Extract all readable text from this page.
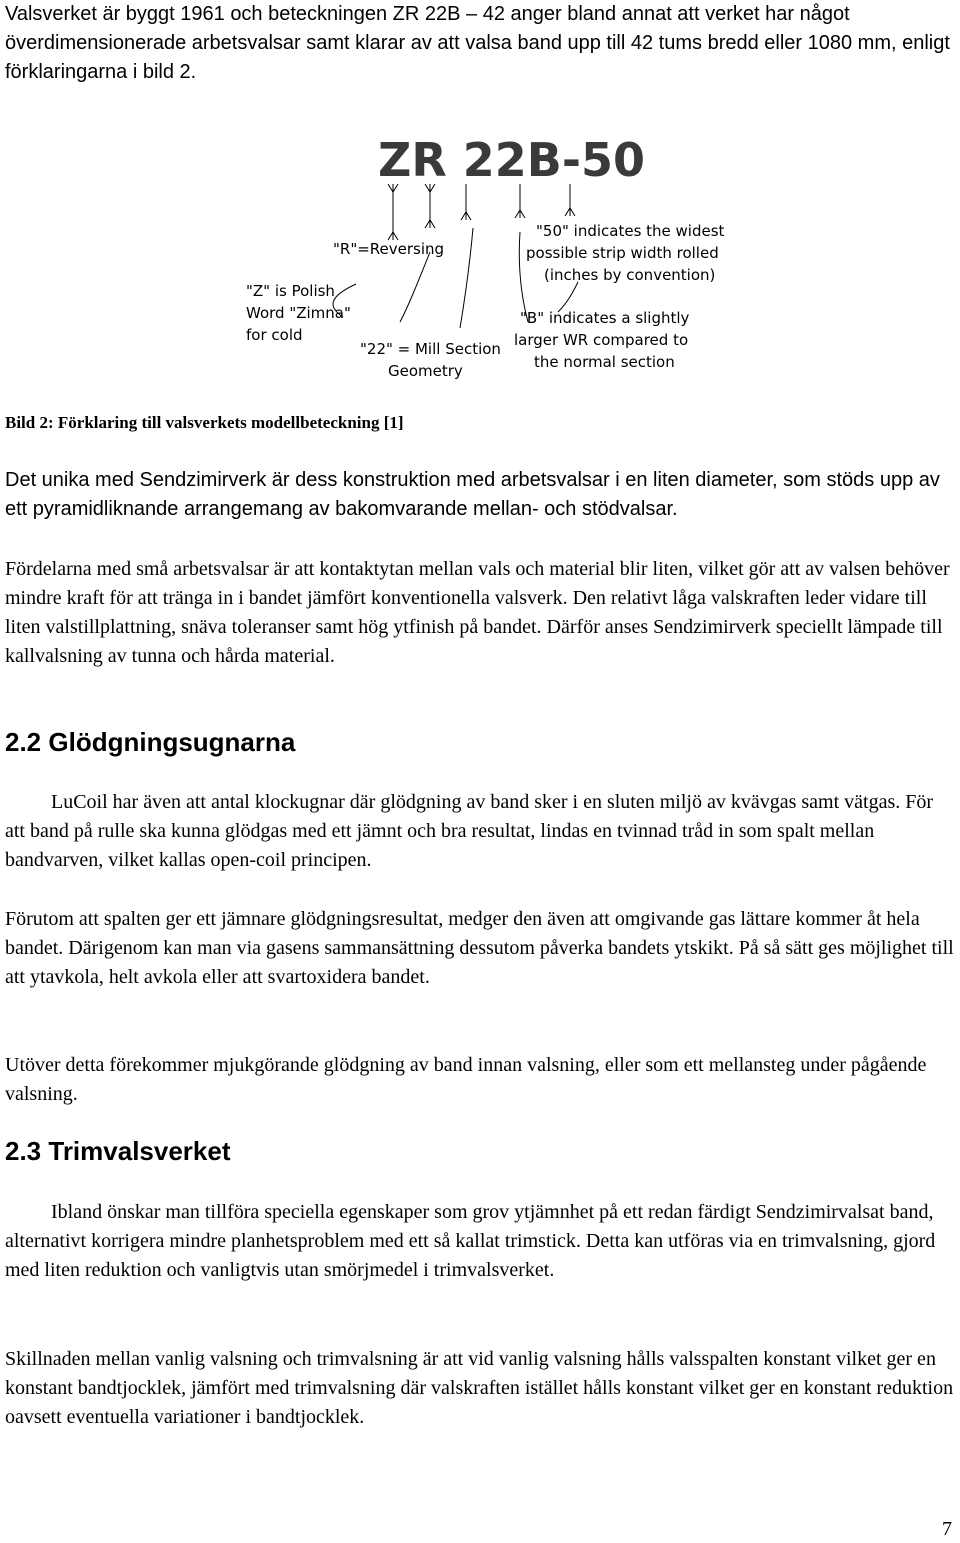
Valsverket är byggt 1961 och beteckningen ZR 22B – 42 anger bland annat att verket har något överdimensionerade arbetsvalsar samt klarar av att valsa band upp till 42 tums bredd eller 1080 mm, enligt förklaringarna i bild 2.

ZR 22B-50
"R"=Reversing
"Z" is Polish
Word "Zimna"
for cold
"22" = Mill Section
Geometry
"50" indicates the widest
possible strip width rolled
(inches by convention)
"B" indicates a slightly
larger WR compared to
the normal section

Bild 2: Förklaring till valsverkets modellbeteckning [1]

Det unika med Sendzimirverk är dess konstruktion med arbetsvalsar i en liten diameter, som stöds upp av ett pyramidliknande arrangemang av bakomvarande mellan- och stödvalsar.

Fördelarna med små arbetsvalsar är att kontaktytan mellan vals och material blir liten, vilket gör att av valsen behöver mindre kraft för att tränga in i bandet jämfört konventionella valsverk. Den relativt låga valskraften leder vidare till liten valstillplattning, snäva toleranser samt hög ytfinish på bandet. Därför anses Sendzimirverk speciellt lämpade till kallvalsning av tunna och hårda material.

2.2 Glödgningsugnarna

LuCoil har även att antal klockugnar där glödgning av band sker i en sluten miljö av kvävgas samt vätgas. För att band på rulle ska kunna glödgas med ett jämnt och bra resultat, lindas en tvinnad tråd in som spalt mellan bandvarven, vilket kallas open-coil principen.

Förutom att spalten ger ett jämnare glödgningsresultat, medger den även att omgivande gas lättare kommer åt hela bandet. Därigenom kan man via gasens sammansättning dessutom påverka bandets ytskikt. På så sätt ges möjlighet till att ytavkola, helt avkola eller att svartoxidera bandet.

Utöver detta förekommer mjukgörande glödgning av band innan valsning, eller som ett mellansteg under pågående valsning.

2.3 Trimvalsverket

Ibland önskar man tillföra speciella egenskaper som grov ytjämnhet på ett redan färdigt Sendzimirvalsat band, alternativt korrigera mindre planhetsproblem med ett så kallat trimstick. Detta kan utföras via en trimvalsning, gjord med liten reduktion och vanligtvis utan smörjmedel i trimvalsverket.

Skillnaden mellan vanlig valsning och trimvalsning är att vid vanlig valsning hålls valsspalten konstant vilket ger en konstant bandtjocklek, jämfört med trimvalsning där valskraften istället hålls konstant vilket ger en konstant reduktion oavsett eventuella variationer i bandtjocklek.

7
